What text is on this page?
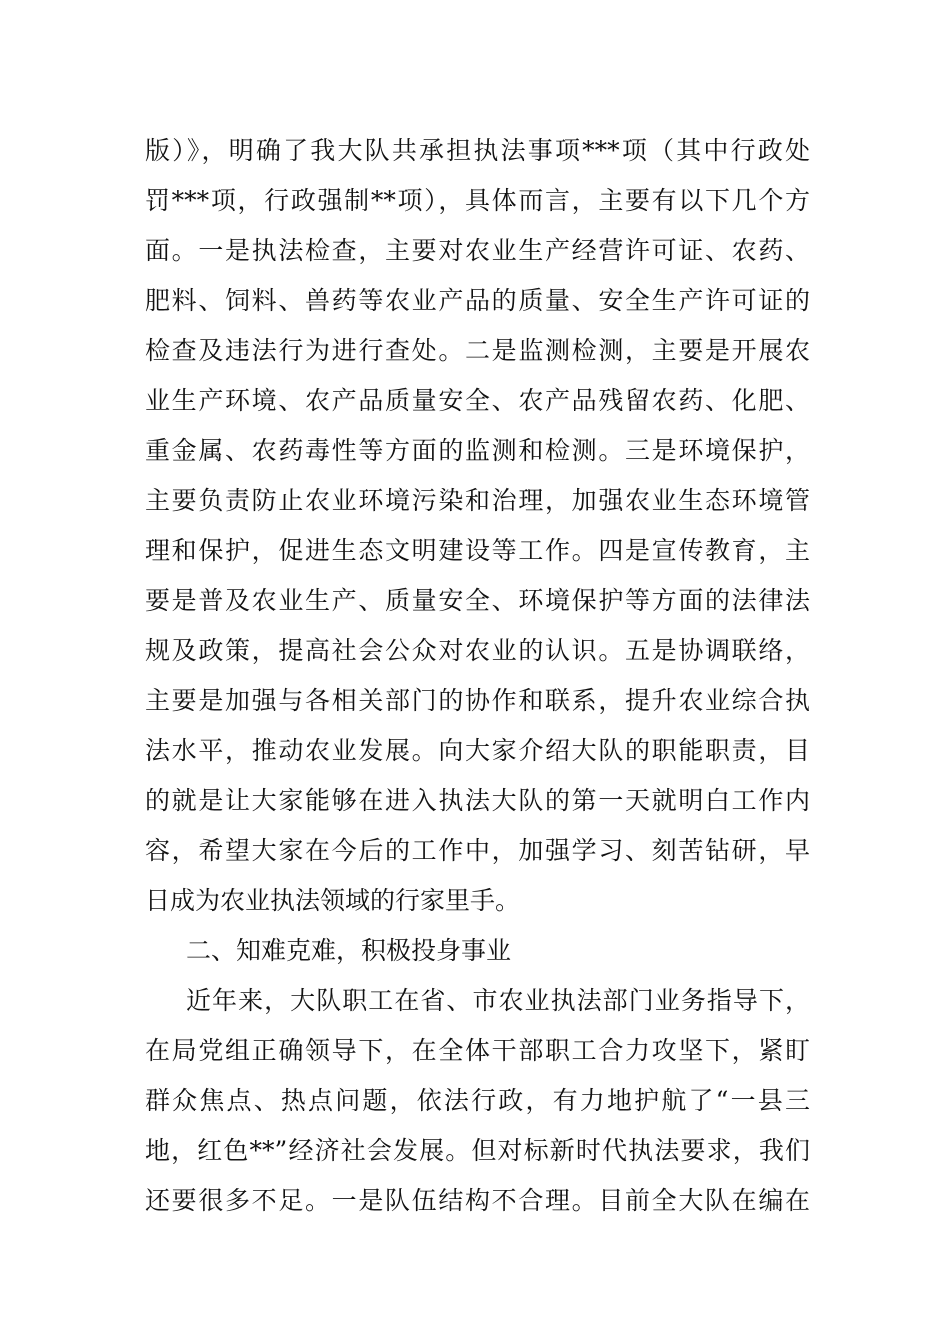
版）》，明确了我大队共承担执法事项***项（其中行政处
罚***项，行政强制**项），具体而言，主要有以下几个方
面。一是执法检查，主要对农业生产经营许可证、农药、
肥料、饲料、兽药等农业产品的质量、安全生产许可证的
检查及违法行为进行查处。二是监测检测，主要是开展农
业生产环境、农产品质量安全、农产品残留农药、化肥、
重金属、农药毒性等方面的监测和检测。三是环境保护，
主要负责防止农业环境污染和治理，加强农业生态环境管
理和保护，促进生态文明建设等工作。四是宣传教育，主
要是普及农业生产、质量安全、环境保护等方面的法律法
规及政策，提高社会公众对农业的认识。五是协调联络，
主要是加强与各相关部门的协作和联系，提升农业综合执
法水平，推动农业发展。向大家介绍大队的职能职责，目
的就是让大家能够在进入执法大队的第一天就明白工作内
容，希望大家在今后的工作中，加强学习、刻苦钻研，早
日成为农业执法领域的行家里手。
二、知难克难，积极投身事业
近年来，大队职工在省、市农业执法部门业务指导下，
在局党组正确领导下，在全体干部职工合力攻坚下，紧盯
群众焦点、热点问题，依法行政，有力地护航了“一县三
地，红色**”经济社会发展。但对标新时代执法要求，我们
还要很多不足。一是队伍结构不合理。目前全大队在编在
